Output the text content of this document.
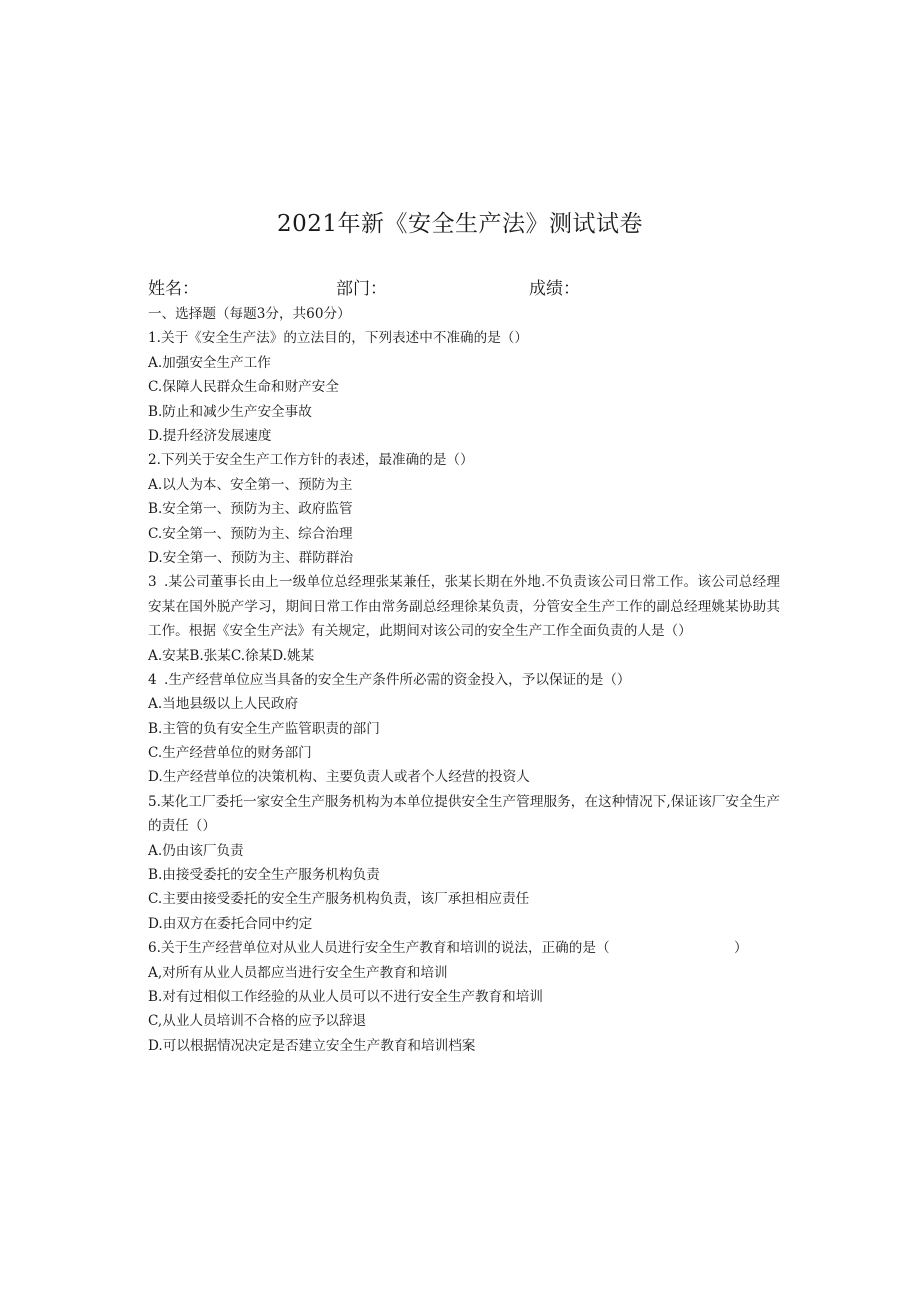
2021年新《安全生产法》测试试卷
姓名：	部门：	成绩：
一、选择题（每题3分，共60分）
1.关于《安全生产法》的立法目的，下列表述中不准确的是（）
A.加强安全生产工作
C.保障人民群众生命和财产安全
B.防止和减少生产安全事故
D.提升经济发展速度
2.下列关于安全生产工作方针的表述，最准确的是（）
A.以人为本、安全第一、预防为主
B.安全第一、预防为主、政府监管
C.安全第一、预防为主、综合治理
D.安全第一、预防为主、群防群治
3 .某公司董事长由上一级单位总经理张某兼任，张某长期在外地.不负责该公司日常工作。该公司总经理安某在国外脱产学习，期间日常工作由常务副总经理徐某负责，分管安全生产工作的副总经理姚某协助其工作。根据《安全生产法》有关规定，此期间对该公司的安全生产工作全面负责的人是（）
A.安某B.张某C.徐某D.姚某
4 .生产经营单位应当具备的安全生产条件所必需的资金投入，予以保证的是（）
A.当地县级以上人民政府
B.主管的负有安全生产监管职责的部门
C.生产经营单位的财务部门
D.生产经营单位的决策机构、主要负责人或者个人经营的投资人
5.某化工厂委托一家安全生产服务机构为本单位提供安全生产管理服务，在这种情况下,保证该厂安全生产的责任（）
A.仍由该厂负责
B.由接受委托的安全生产服务机构负责
C.主要由接受委托的安全生产服务机构负责，该厂承担相应责任
D.由双方在委托合同中约定
6.关于生产经营单位对从业人员进行安全生产教育和培训的说法，正确的是（	）
A,对所有从业人员都应当进行安全生产教育和培训
B.对有过相似工作经验的从业人员可以不进行安全生产教育和培训
C,从业人员培训不合格的应予以辞退
D.可以根据情况决定是否建立安全生产教育和培训档案
